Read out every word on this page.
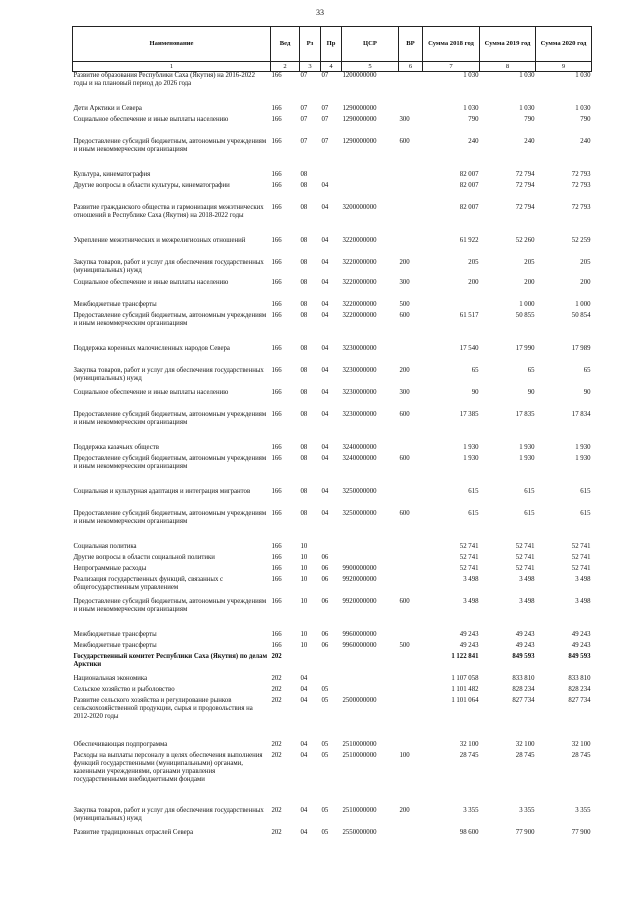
33
Наименование	Вед	Рз	Пр	ЦСР	ВР	Сумма 2018 год	Сумма 2019 год	Сумма 2020 год
1	2	3	4	5	6	7	8	9
Развитие образования Республики Саха (Якутия) на 2016-2022 годы и на плановый период до 2026 года	166	07	07	1200000000		1 030	1 030	1 030
Дети Арктики и Севера	166	07	07	1290000000		1 030	1 030	1 030
Социальное обеспечение и иные выплаты населению	166	07	07	1290000000	300	790	790	790
Предоставление субсидий бюджетным, автономным учреждениям и иным некоммерческим организациям	166	07	07	1290000000	600	240	240	240
Культура, кинематография	166	08				82 007	72 794	72 793
Другие вопросы в области культуры, кинематографии	166	08	04			82 007	72 794	72 793
Развитие гражданского общества и гармонизация межэтнических отношений в Республике Саха (Якутия) на 2018-2022 годы	166	08	04	3200000000		82 007	72 794	72 793
Укрепление межэтнических и межрелигиозных отношений	166	08	04	3220000000		61 922	52 260	52 259
Закупка товаров, работ и услуг для обеспечения государственных (муниципальных) нужд	166	08	04	3220000000	200	205	205	205
Социальное обеспечение и иные выплаты населению	166	08	04	3220000000	300	200	200	200
Межбюджетные трансферты	166	08	04	3220000000	500		1 000	1 000
Предоставление субсидий бюджетным, автономным учреждениям и иным некоммерческим организациям	166	08	04	3220000000	600	61 517	50 855	50 854
Поддержка коренных малочисленных народов Севера	166	08	04	3230000000		17 540	17 990	17 989
Закупка товаров, работ и услуг для обеспечения государственных (муниципальных) нужд	166	08	04	3230000000	200	65	65	65
Социальное обеспечение и иные выплаты населению	166	08	04	3230000000	300	90	90	90
Предоставление субсидий бюджетным, автономным учреждениям и иным некоммерческим организациям	166	08	04	3230000000	600	17 385	17 835	17 834
Поддержка казачьих обществ	166	08	04	3240000000		1 930	1 930	1 930
Предоставление субсидий бюджетным, автономным учреждениям и иным некоммерческим организациям	166	08	04	3240000000	600	1 930	1 930	1 930
Социальная и культурная адаптация и интеграция мигрантов	166	08	04	3250000000		615	615	615
Предоставление субсидий бюджетным, автономным учреждениям и иным некоммерческим организациям	166	08	04	3250000000	600	615	615	615
Социальная политика	166	10				52 741	52 741	52 741
Другие вопросы в области социальной политики	166	10	06			52 741	52 741	52 741
Непрограммные расходы	166	10	06	9900000000		52 741	52 741	52 741
Реализация государственных функций, связанных с общегосударственным управлением	166	10	06	9920000000		3 498	3 498	3 498
Предоставление субсидий бюджетным, автономным учреждениям и иным некоммерческим организациям	166	10	06	9920000000	600	3 498	3 498	3 498
Межбюджетные трансферты	166	10	06	9960000000		49 243	49 243	49 243
Межбюджетные трансферты	166	10	06	9960000000	500	49 243	49 243	49 243
Государственный комитет Республики Саха (Якутия) по делам Арктики	202					1 122 841	849 593	849 593
Национальная экономика	202	04				1 107 058	833 810	833 810
Сельское хозяйство и рыболовство	202	04	05			1 101 482	828 234	828 234
Развитие сельского хозяйства и регулирование рынков сельскохозяйственной продукции, сырья и продовольствия на 2012-2020 годы	202	04	05	2500000000		1 101 064	827 734	827 734
Обеспечивающая подпрограмма	202	04	05	2510000000		32 100	32 100	32 100
Расходы на выплаты персоналу в целях обеспечения выполнения функций государственными (муниципальными) органами, казенными учреждениями, органами управления государственными внебюджетными фондами	202	04	05	2510000000	100	28 745	28 745	28 745
Закупка товаров, работ и услуг для обеспечения государственных (муниципальных) нужд	202	04	05	2510000000	200	3 355	3 355	3 355
Развитие традиционных отраслей Севера	202	04	05	2550000000		98 600	77 900	77 900
